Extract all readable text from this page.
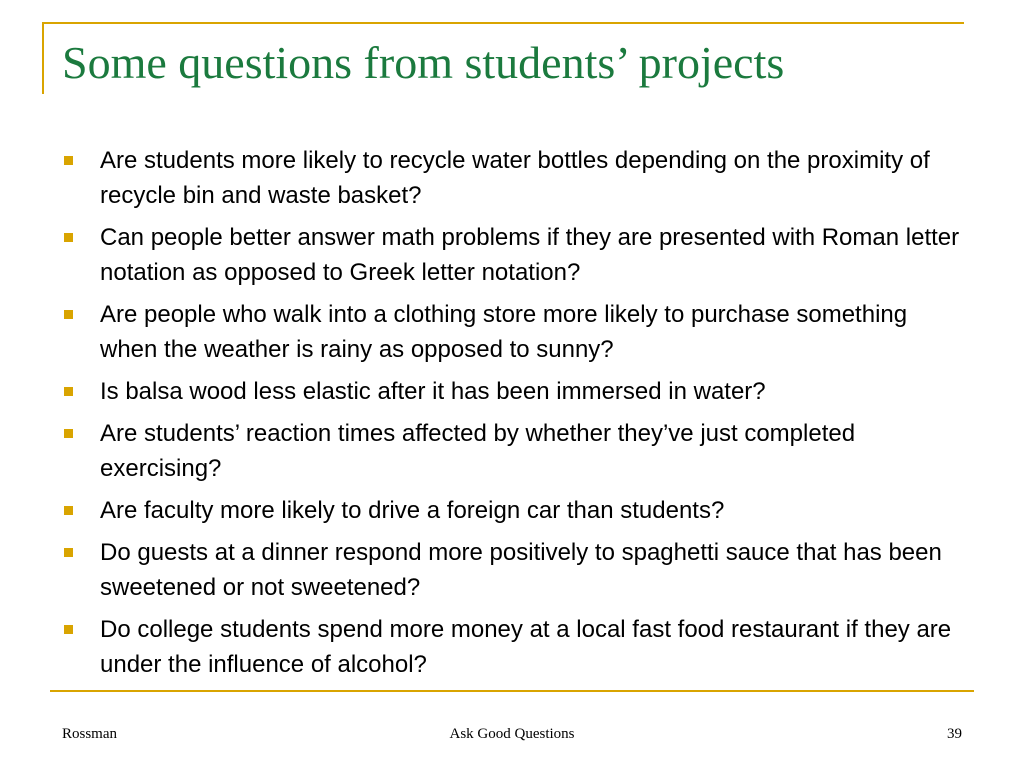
Some questions from students’ projects
Are students more likely to recycle water bottles depending on the proximity of recycle bin and waste basket?
Can people better answer math problems if they are presented with Roman letter notation as opposed to Greek letter notation?
Are people who walk into a clothing store more likely to purchase something when the weather is rainy as opposed to sunny?
Is balsa wood less elastic after it has been immersed in water?
Are students’ reaction times affected by whether they’ve just completed exercising?
Are faculty more likely to drive a foreign car than students?
Do guests at a dinner respond more positively to spaghetti sauce that has been sweetened or not sweetened?
Do college students spend more money at a local fast food restaurant if they are under the influence of alcohol?
Rossman	Ask Good Questions	39
